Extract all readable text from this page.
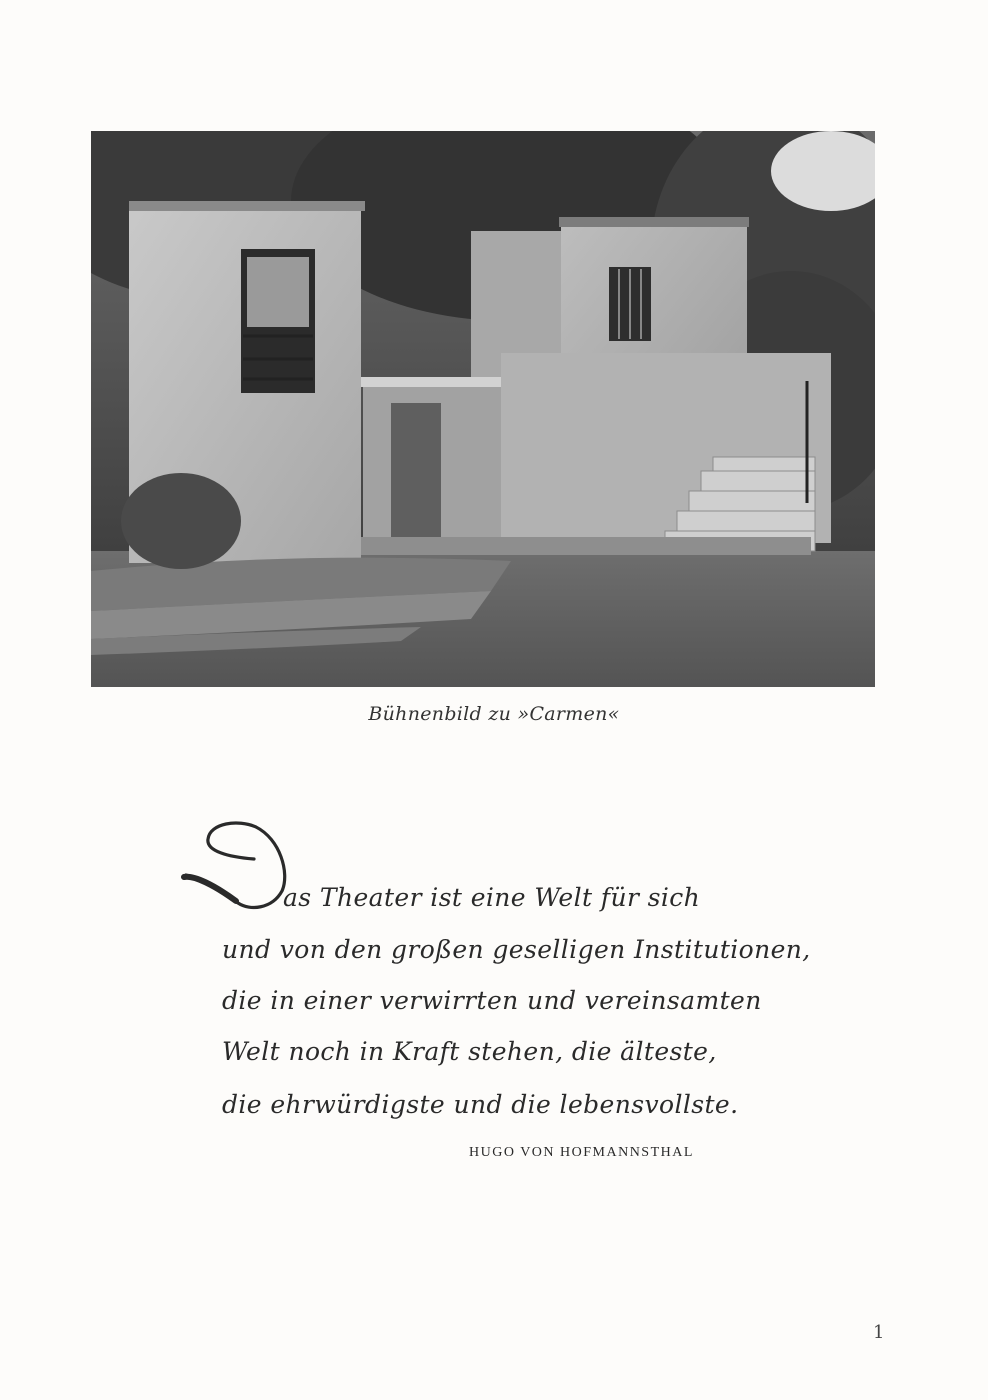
Bühnenbild zu »Carmen«
as Theater ist eine Welt für sich
und von den großen geselligen Institutionen,
die in einer verwirrten und vereinsamten
Welt noch in Kraft stehen, die älteste,
die ehrwürdigste und die lebensvollste.
HUGO VON HOFMANNSTHAL
1
